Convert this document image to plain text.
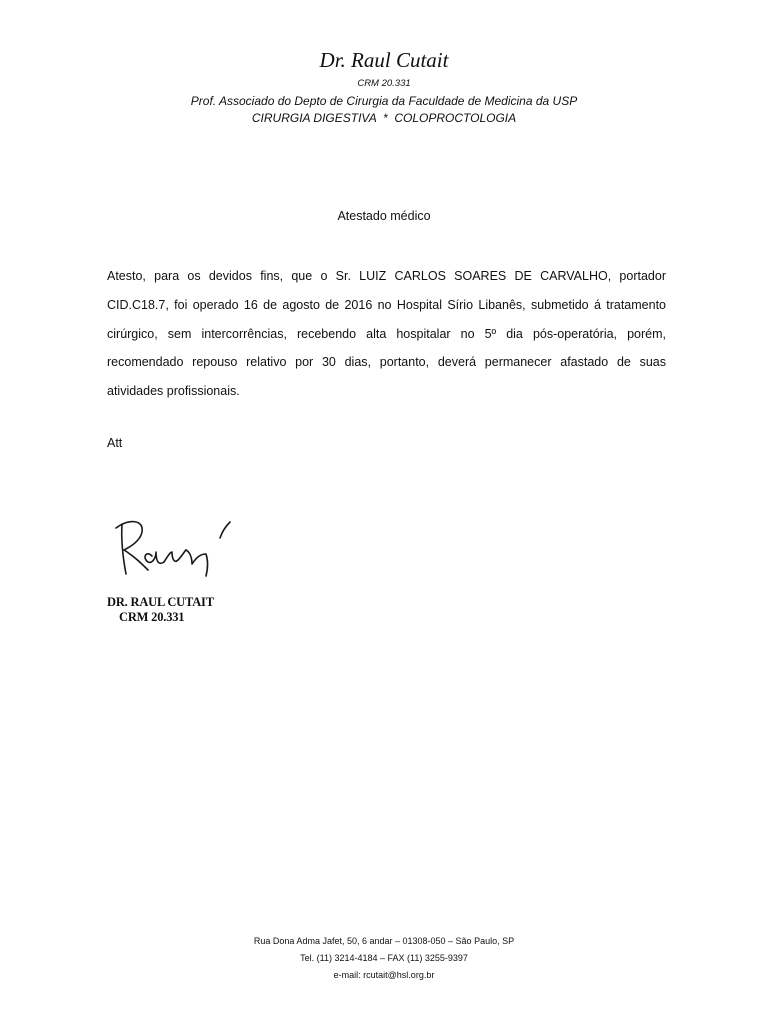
Dr. Raul Cutait
CRM 20.331
Prof. Associado do Depto de Cirurgia da Faculdade de Medicina da USP
CIRURGIA DIGESTIVA  *  COLOPROCTOLOGIA
Atestado médico

Atesto, para os devidos fins, que o Sr. LUIZ CARLOS SOARES DE CARVALHO, portador CID.C18.7, foi operado 16 de agosto de 2016 no Hospital Sírio Libanês, submetido á tratamento cirúrgico, sem intercorrências, recebendo alta hospitalar no 5º dia pós-operatória, porém, recomendado repouso relativo por 30 dias, portanto, deverá permanecer afastado de suas atividades profissionais.

Att
DR. RAUL CUTAIT
CRM 20.331
Rua Dona Adma Jafet, 50, 6 andar – 01308-050 – São Paulo, SP
Tel. (11) 3214-4184 – FAX (11) 3255-9397
e-mail: rcutait@hsl.org.br
